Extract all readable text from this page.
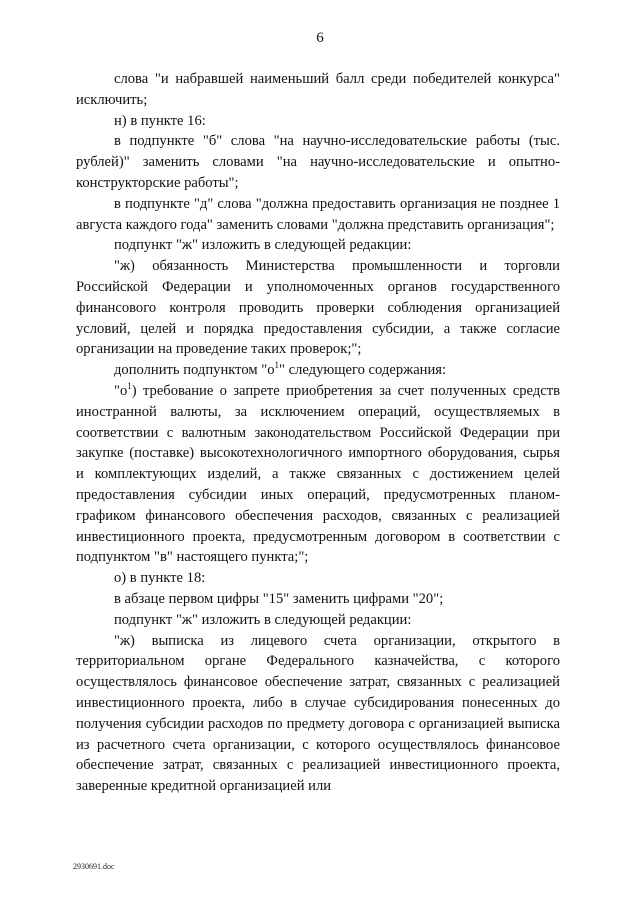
6

слова "и набравшей наименьший балл среди победителей конкурса" исключить;

н) в пункте 16:

в подпункте "б" слова "на научно-исследовательские работы (тыс. рублей)" заменить словами "на научно-исследовательские и опытно-конструкторские работы";

в подпункте "д" слова "должна предоставить организация не позднее 1 августа каждого года" заменить словами "должна представить организация";

подпункт "ж" изложить в следующей редакции:

"ж) обязанность Министерства промышленности и торговли Российской Федерации и уполномоченных органов государственного финансового контроля проводить проверки соблюдения организацией условий, целей и порядка предоставления субсидии, а также согласие организации на проведение таких проверок;";

дополнить подпунктом "$о^1$" следующего содержания:

"$о^1$) требование о запрете приобретения за счет полученных средств иностранной валюты, за исключением операций, осуществляемых в соответствии с валютным законодательством Российской Федерации при закупке (поставке) высокотехнологичного импортного оборудования, сырья и комплектующих изделий, а также связанных с достижением целей предоставления субсидии иных операций, предусмотренных планом-графиком финансового обеспечения расходов, связанных с реализацией инвестиционного проекта, предусмотренным договором в соответствии с подпунктом "в" настоящего пункта;";

о) в пункте 18:

в абзаце первом цифры "15" заменить цифрами "20";

подпункт "ж" изложить в следующей редакции:

"ж) выписка из лицевого счета организации, открытого в территориальном органе Федерального казначейства, с которого осуществлялось финансовое обеспечение затрат, связанных с реализацией инвестиционного проекта, либо в случае субсидирования понесенных до получения субсидии расходов по предмету договора с организацией выписка из расчетного счета организации, с которого осуществлялось финансовое обеспечение затрат, связанных с реализацией инвестиционного проекта, заверенные кредитной организацией или

2930691.doc
